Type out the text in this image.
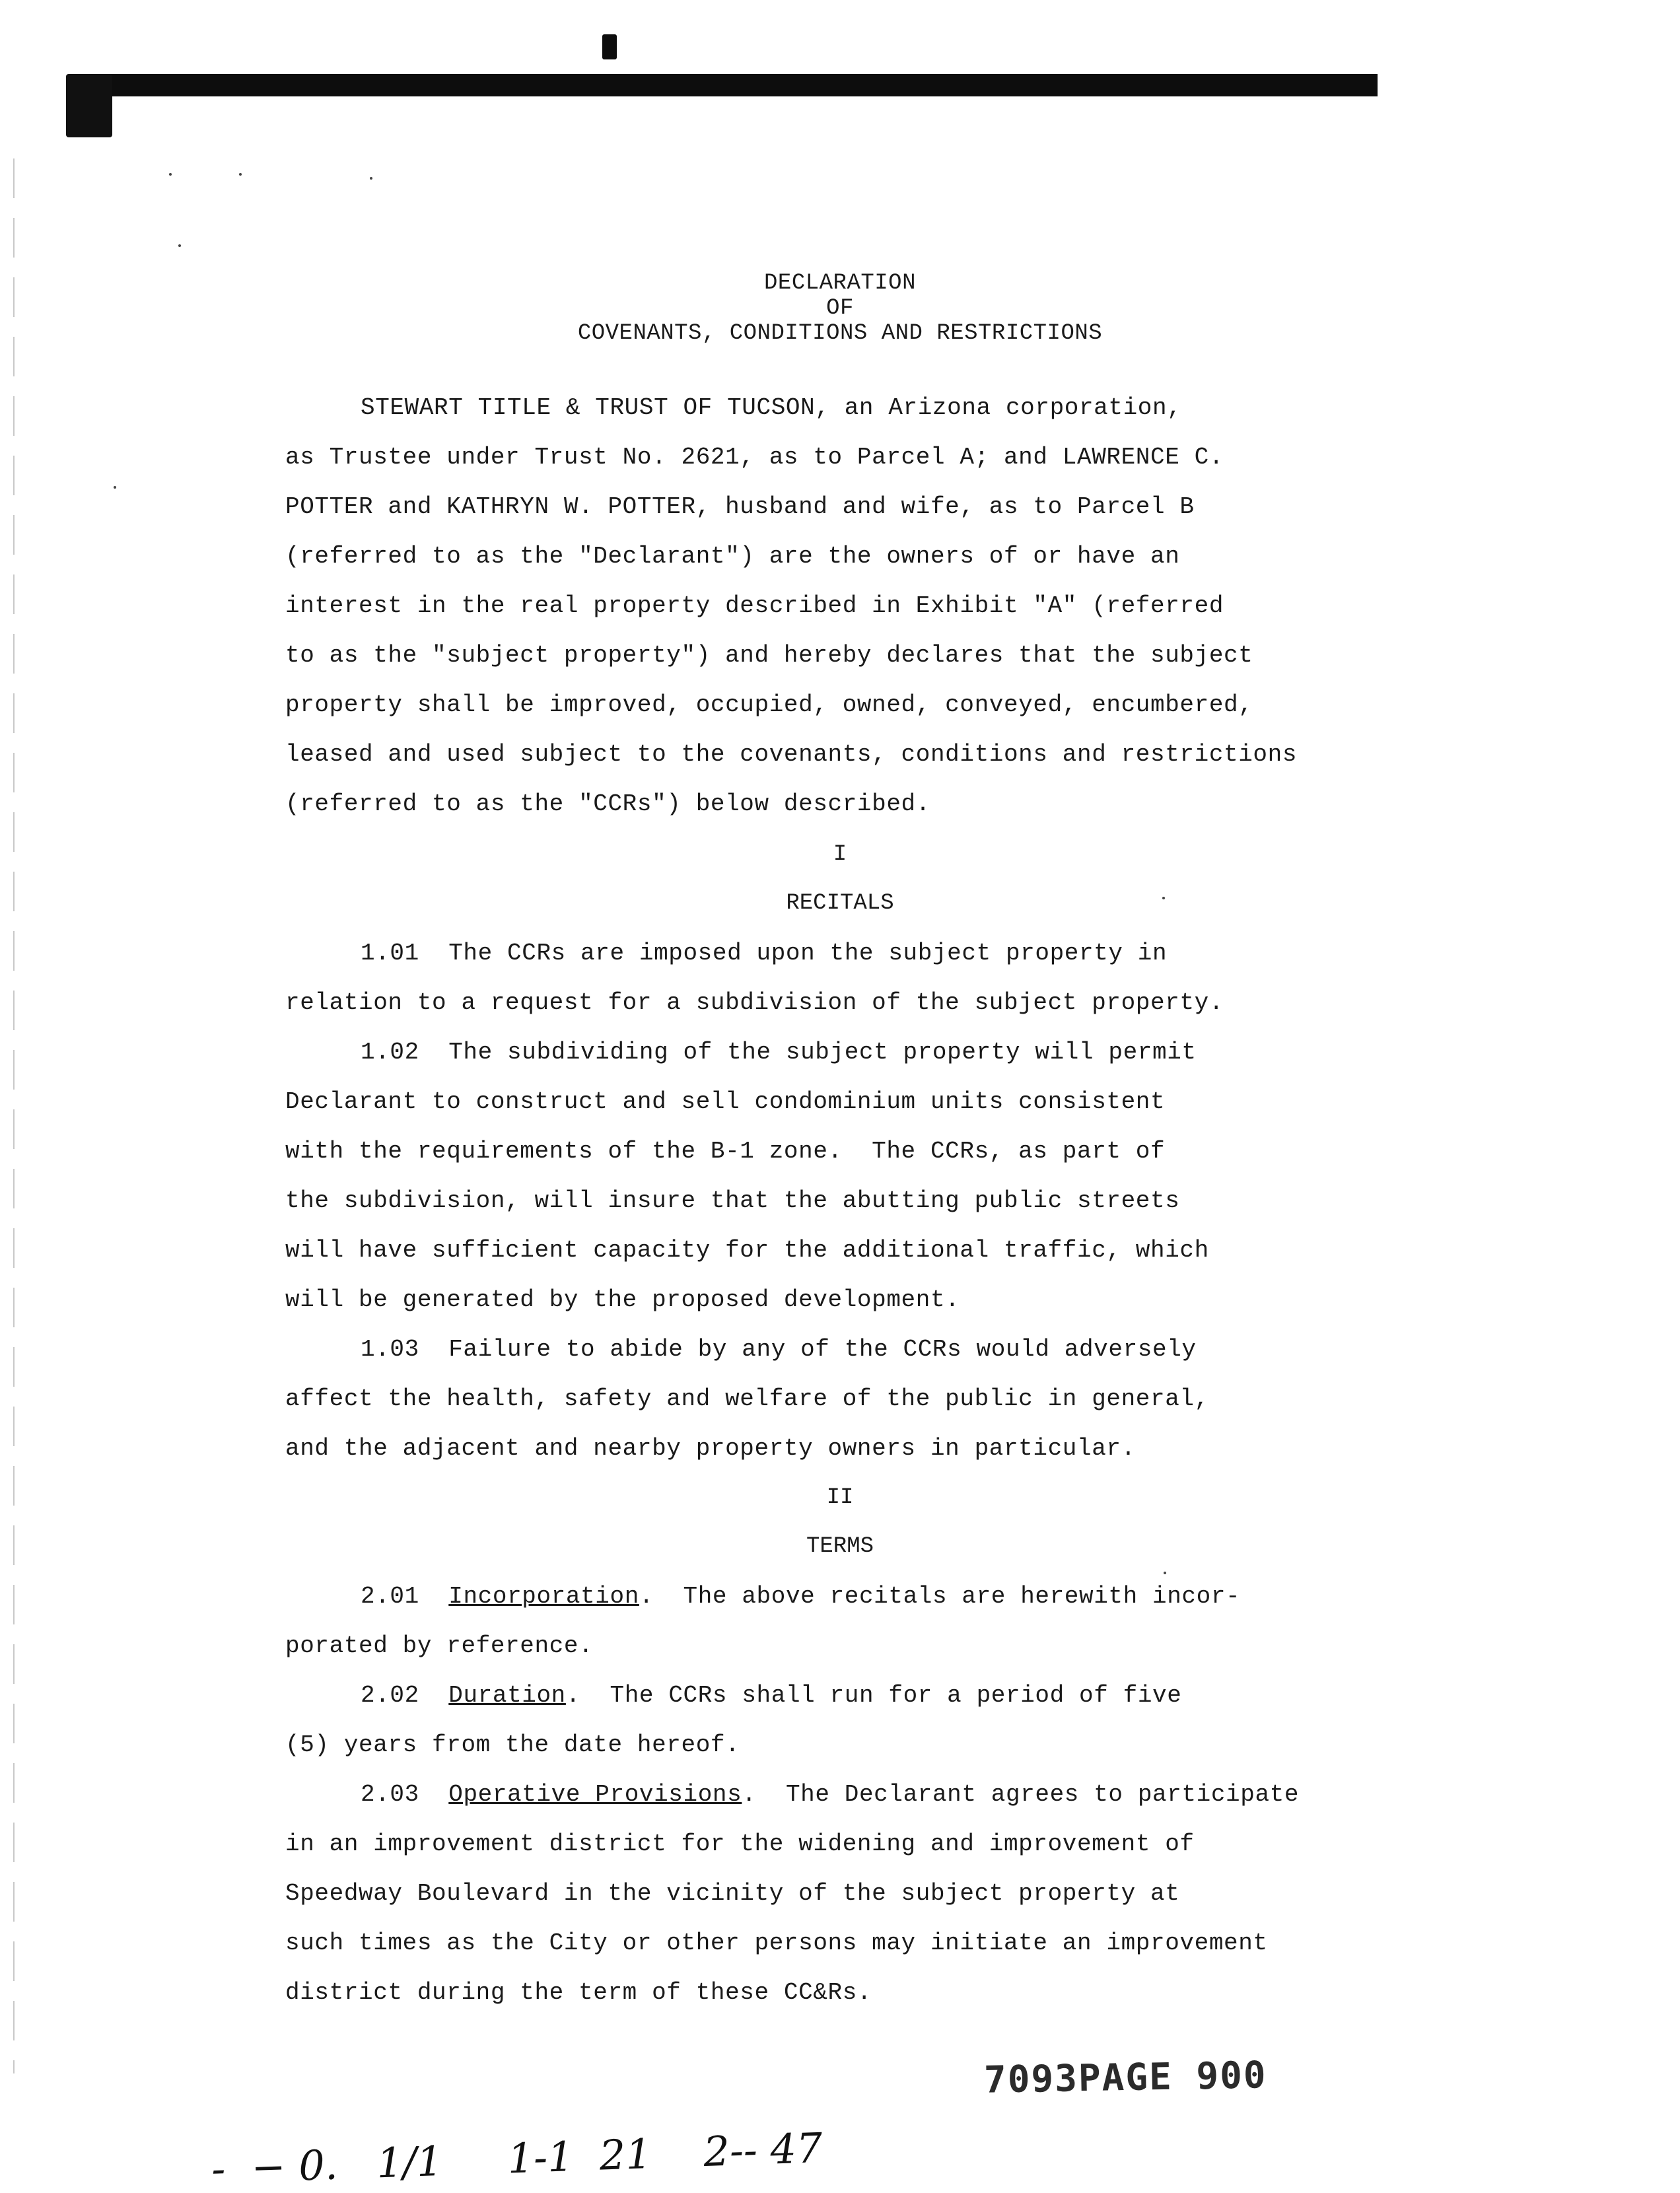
DECLARATION
OF
COVENANTS, CONDITIONS AND RESTRICTIONS
STEWART TITLE & TRUST OF TUCSON, an Arizona corporation,
as Trustee under Trust No. 2621, as to Parcel A; and LAWRENCE C.
POTTER and KATHRYN W. POTTER, husband and wife, as to Parcel B
(referred to as the "Declarant") are the owners of or have an
interest in the real property described in Exhibit "A" (referred
to as the "subject property") and hereby declares that the subject
property shall be improved, occupied, owned, conveyed, encumbered,
leased and used subject to the covenants, conditions and restrictions
(referred to as the "CCRs") below described.
I
RECITALS
1.01  The CCRs are imposed upon the subject property in
relation to a request for a subdivision of the subject property.
1.02  The subdividing of the subject property will permit
Declarant to construct and sell condominium units consistent
with the requirements of the B-1 zone.  The CCRs, as part of
the subdivision, will insure that the abutting public streets
will have sufficient capacity for the additional traffic, which
will be generated by the proposed development.
1.03  Failure to abide by any of the CCRs would adversely
affect the health, safety and welfare of the public in general,
and the adjacent and nearby property owners in particular.
II
TERMS
2.01 Incorporation.  The above recitals are herewith incor-
porated by reference.
2.02 Duration.  The CCRs shall run for a period of five
(5) years from the date hereof.
2.03 Operative Provisions.  The Declarant agrees to participate
in an improvement district for the widening and improvement of
Speedway Boulevard in the vicinity of the subject property at
such times as the City or other persons may initiate an improvement
district during the term of these CC&Rs.
7093PAGE 900
-  − 0.   1/1     1-1  21    2-- 47
